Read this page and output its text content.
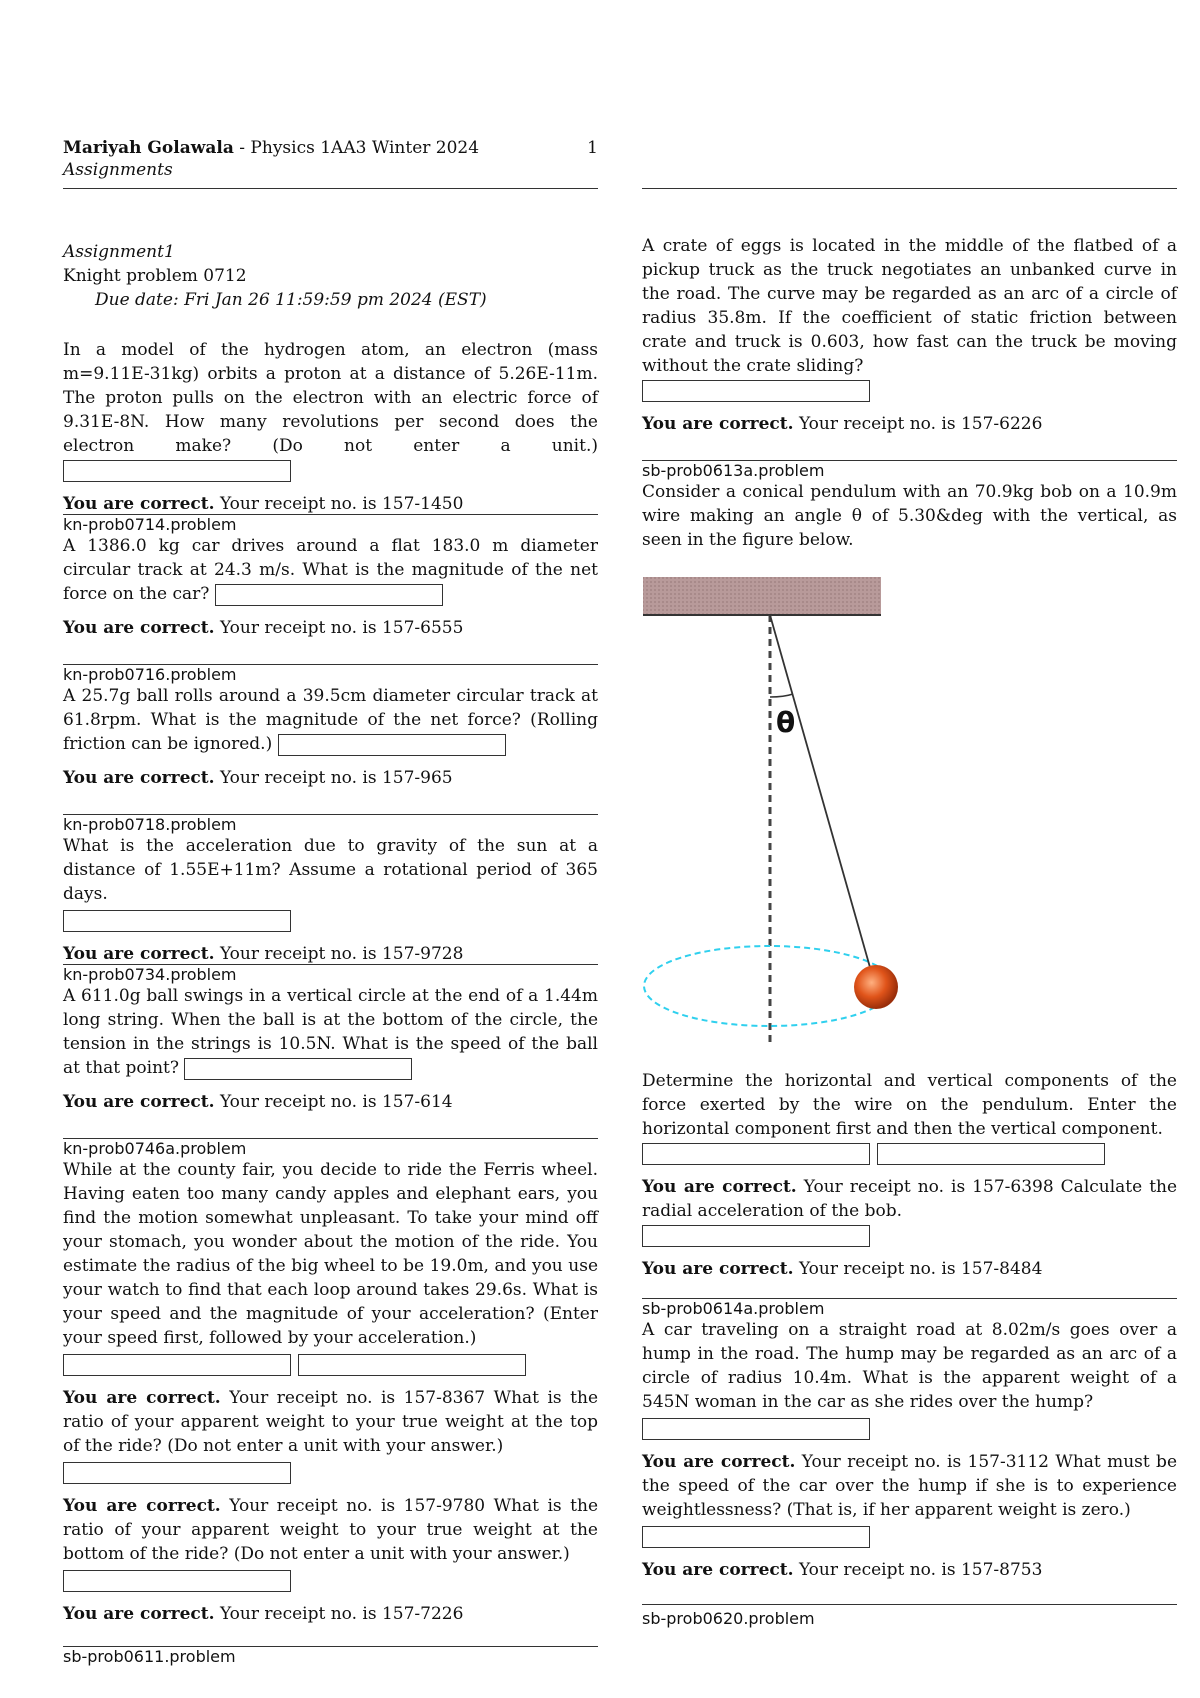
Mariyah Golawala - Physics 1AA3 Winter 2024	1
Assignments
Assignment1
Knight problem 0712
Due date: Fri Jan 26 11:59:59 pm 2024 (EST)

In a model of the hydrogen atom, an electron (mass m=9.11E-31kg) orbits a proton at a distance of 5.26E-11m. The proton pulls on the electron with an electric force of 9.31E-8N. How many revolutions per second does the electron make? (Do not enter a unit.)

You are correct. Your receipt no. is 157-1450

kn-prob0714.problem

A 1386.0 kg car drives around a flat 183.0 m diameter circular track at 24.3 m/s. What is the magnitude of the net force on the car?

You are correct. Your receipt no. is 157-6555

kn-prob0716.problem

A 25.7g ball rolls around a 39.5cm diameter circular track at 61.8rpm. What is the magnitude of the net force? (Rolling friction can be ignored.)

You are correct. Your receipt no. is 157-965

kn-prob0718.problem

What is the acceleration due to gravity of the sun at a distance of 1.55E+11m? Assume a rotational period of 365 days.

You are correct. Your receipt no. is 157-9728

kn-prob0734.problem

A 611.0g ball swings in a vertical circle at the end of a 1.44m long string. When the ball is at the bottom of the circle, the tension in the strings is 10.5N. What is the speed of the ball at that point?

You are correct. Your receipt no. is 157-614

kn-prob0746a.problem

While at the county fair, you decide to ride the Ferris wheel. Having eaten too many candy apples and elephant ears, you find the motion somewhat unpleasant. To take your mind off your stomach, you wonder about the motion of the ride. You estimate the radius of the big wheel to be 19.0m, and you use your watch to find that each loop around takes 29.6s. What is your speed and the magnitude of your acceleration? (Enter your speed first, followed by your acceleration.)

You are correct. Your receipt no. is 157-8367 What is the ratio of your apparent weight to your true weight at the top of the ride? (Do not enter a unit with your answer.)

You are correct. Your receipt no. is 157-9780 What is the ratio of your apparent weight to your true weight at the bottom of the ride? (Do not enter a unit with your answer.)

You are correct. Your receipt no. is 157-7226

sb-prob0611.problem

A crate of eggs is located in the middle of the flatbed of a pickup truck as the truck negotiates an unbanked curve in the road. The curve may be regarded as an arc of a circle of radius 35.8m. If the coefficient of static friction between crate and truck is 0.603, how fast can the truck be moving without the crate sliding?

You are correct. Your receipt no. is 157-6226

sb-prob0613a.problem

Consider a conical pendulum with an 70.9kg bob on a 10.9m wire making an angle θ of 5.30&deg with the vertical, as seen in the figure below.

θ

Determine the horizontal and vertical components of the force exerted by the wire on the pendulum. Enter the horizontal component first and then the vertical component.

You are correct. Your receipt no. is 157-6398 Calculate the radial acceleration of the bob.

You are correct. Your receipt no. is 157-8484

sb-prob0614a.problem

A car traveling on a straight road at 8.02m/s goes over a hump in the road. The hump may be regarded as an arc of a circle of radius 10.4m. What is the apparent weight of a 545N woman in the car as she rides over the hump?

You are correct. Your receipt no. is 157-3112 What must be the speed of the car over the hump if she is to experience weightlessness? (That is, if her apparent weight is zero.)

You are correct. Your receipt no. is 157-8753

sb-prob0620.problem
